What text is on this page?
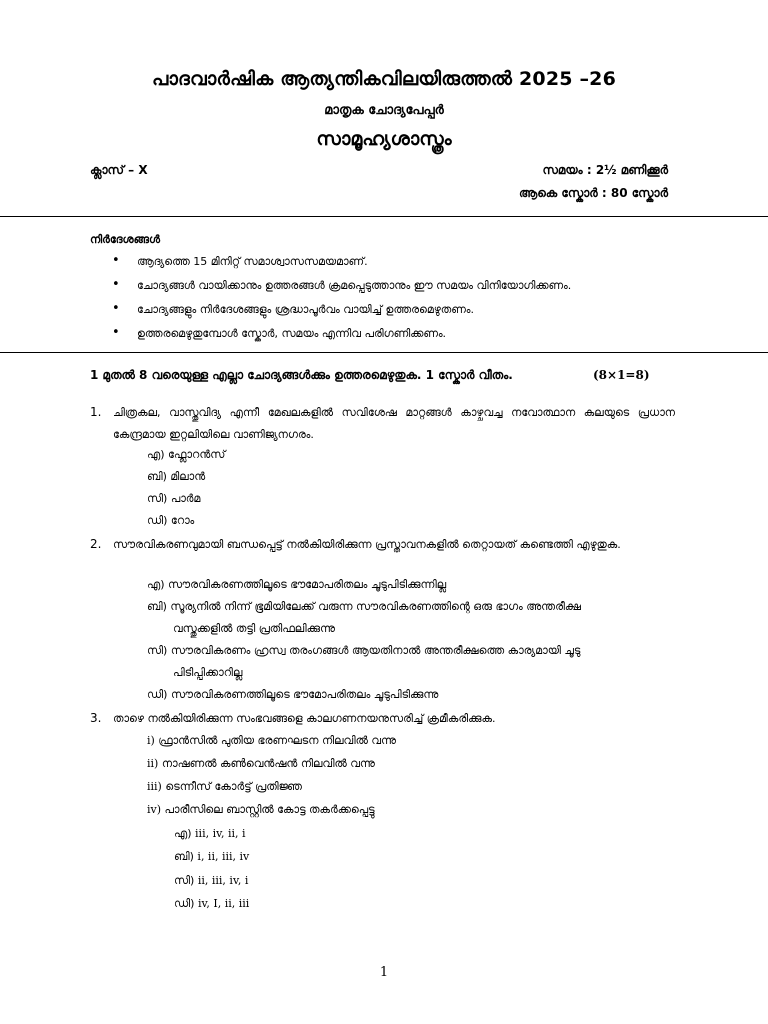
പാദവാർഷിക ആത്യന്തികവിലയിരുത്തൽ 2025 –26
മാതൃക ചോദ്യപേപ്പർ
സാമൂഹ്യശാസ്ത്രം
ക്ലാസ് – X	സമയം : 2½ മണിക്കൂർ
ആകെ സ്കോർ : 80 സ്കോർ
നിർദേശങ്ങൾ
• ആദ്യത്തെ 15 മിനിറ്റ് സമാശ്വാസസമയമാണ്.
• ചോദ്യങ്ങൾ വായിക്കാനും ഉത്തരങ്ങൾ ക്രമപ്പെടുത്താനും ഈ സമയം വിനിയോഗിക്കണം.
• ചോദ്യങ്ങളും നിർദേശങ്ങളും ശ്രദ്ധാപൂർവം വായിച്ച് ഉത്തരമെഴുതണം.
• ഉത്തരമെഴുതുമ്പോൾ സ്കോർ, സമയം എന്നിവ പരിഗണിക്കണം.
1 മുതൽ 8 വരെയുള്ള എല്ലാ ചോദ്യങ്ങൾക്കും ഉത്തരമെഴുതുക. 1 സ്കോർ വീതം.	(8×1=8)
1. ചിത്രകല, വാസ്തുവിദ്യ എന്നീ മേഖലകളിൽ സവിശേഷ മാറ്റങ്ങൾ കാഴ്ചവച്ച നവോത്ഥാന കലയുടെ പ്രധാന കേന്ദ്രമായ ഇറ്റലിയിലെ വാണിജ്യനഗരം.
എ) ഫ്ലോറൻസ്
ബി) മിലാൻ
സി) പാർമ
ഡി) റോം
2. സൗരവികരണവുമായി ബന്ധപ്പെട്ട് നൽകിയിരിക്കുന്ന പ്രസ്താവനകളിൽ തെറ്റായത് കണ്ടെത്തി എഴുതുക.
എ) സൗരവികരണത്തിലൂടെ ഭൗമോപരിതലം ചൂടുപിടിക്കുന്നില്ല
ബി) സൂര്യനിൽ നിന്ന് ഭൂമിയിലേക്ക് വരുന്ന സൗരവികരണത്തിന്റെ ഒരു ഭാഗം അന്തരീക്ഷ
വസ്തുക്കളിൽ തട്ടി പ്രതിഫലിക്കുന്നു
സി) സൗരവികരണം ഹ്രസ്വ തരംഗങ്ങൾ ആയതിനാൽ അന്തരീക്ഷത്തെ കാര്യമായി ചൂടു
പിടിപ്പിക്കാറില്ല
ഡി) സൗരവികരണത്തിലൂടെ ഭൗമോപരിതലം ചൂടുപിടിക്കുന്നു
3. താഴെ നൽകിയിരിക്കുന്ന സംഭവങ്ങളെ കാലഗണനയനുസരിച്ച് ക്രമീകരിക്കുക.
i) ഫ്രാൻസിൽ പുതിയ ഭരണഘടന നിലവിൽ വന്നു
ii) നാഷണൽ കൺവെൻഷൻ നിലവിൽ വന്നു
iii) ടെന്നീസ് കോർട്ട് പ്രതിജ്ഞ
iv) പാരീസിലെ ബാസ്റ്റിൽ കോട്ട തകർക്കപ്പെട്ടു
എ) iii, iv, ii, i
ബി) i, ii, iii, iv
സി) ii, iii, iv, i
ഡി) iv, I, ii, iii
1
